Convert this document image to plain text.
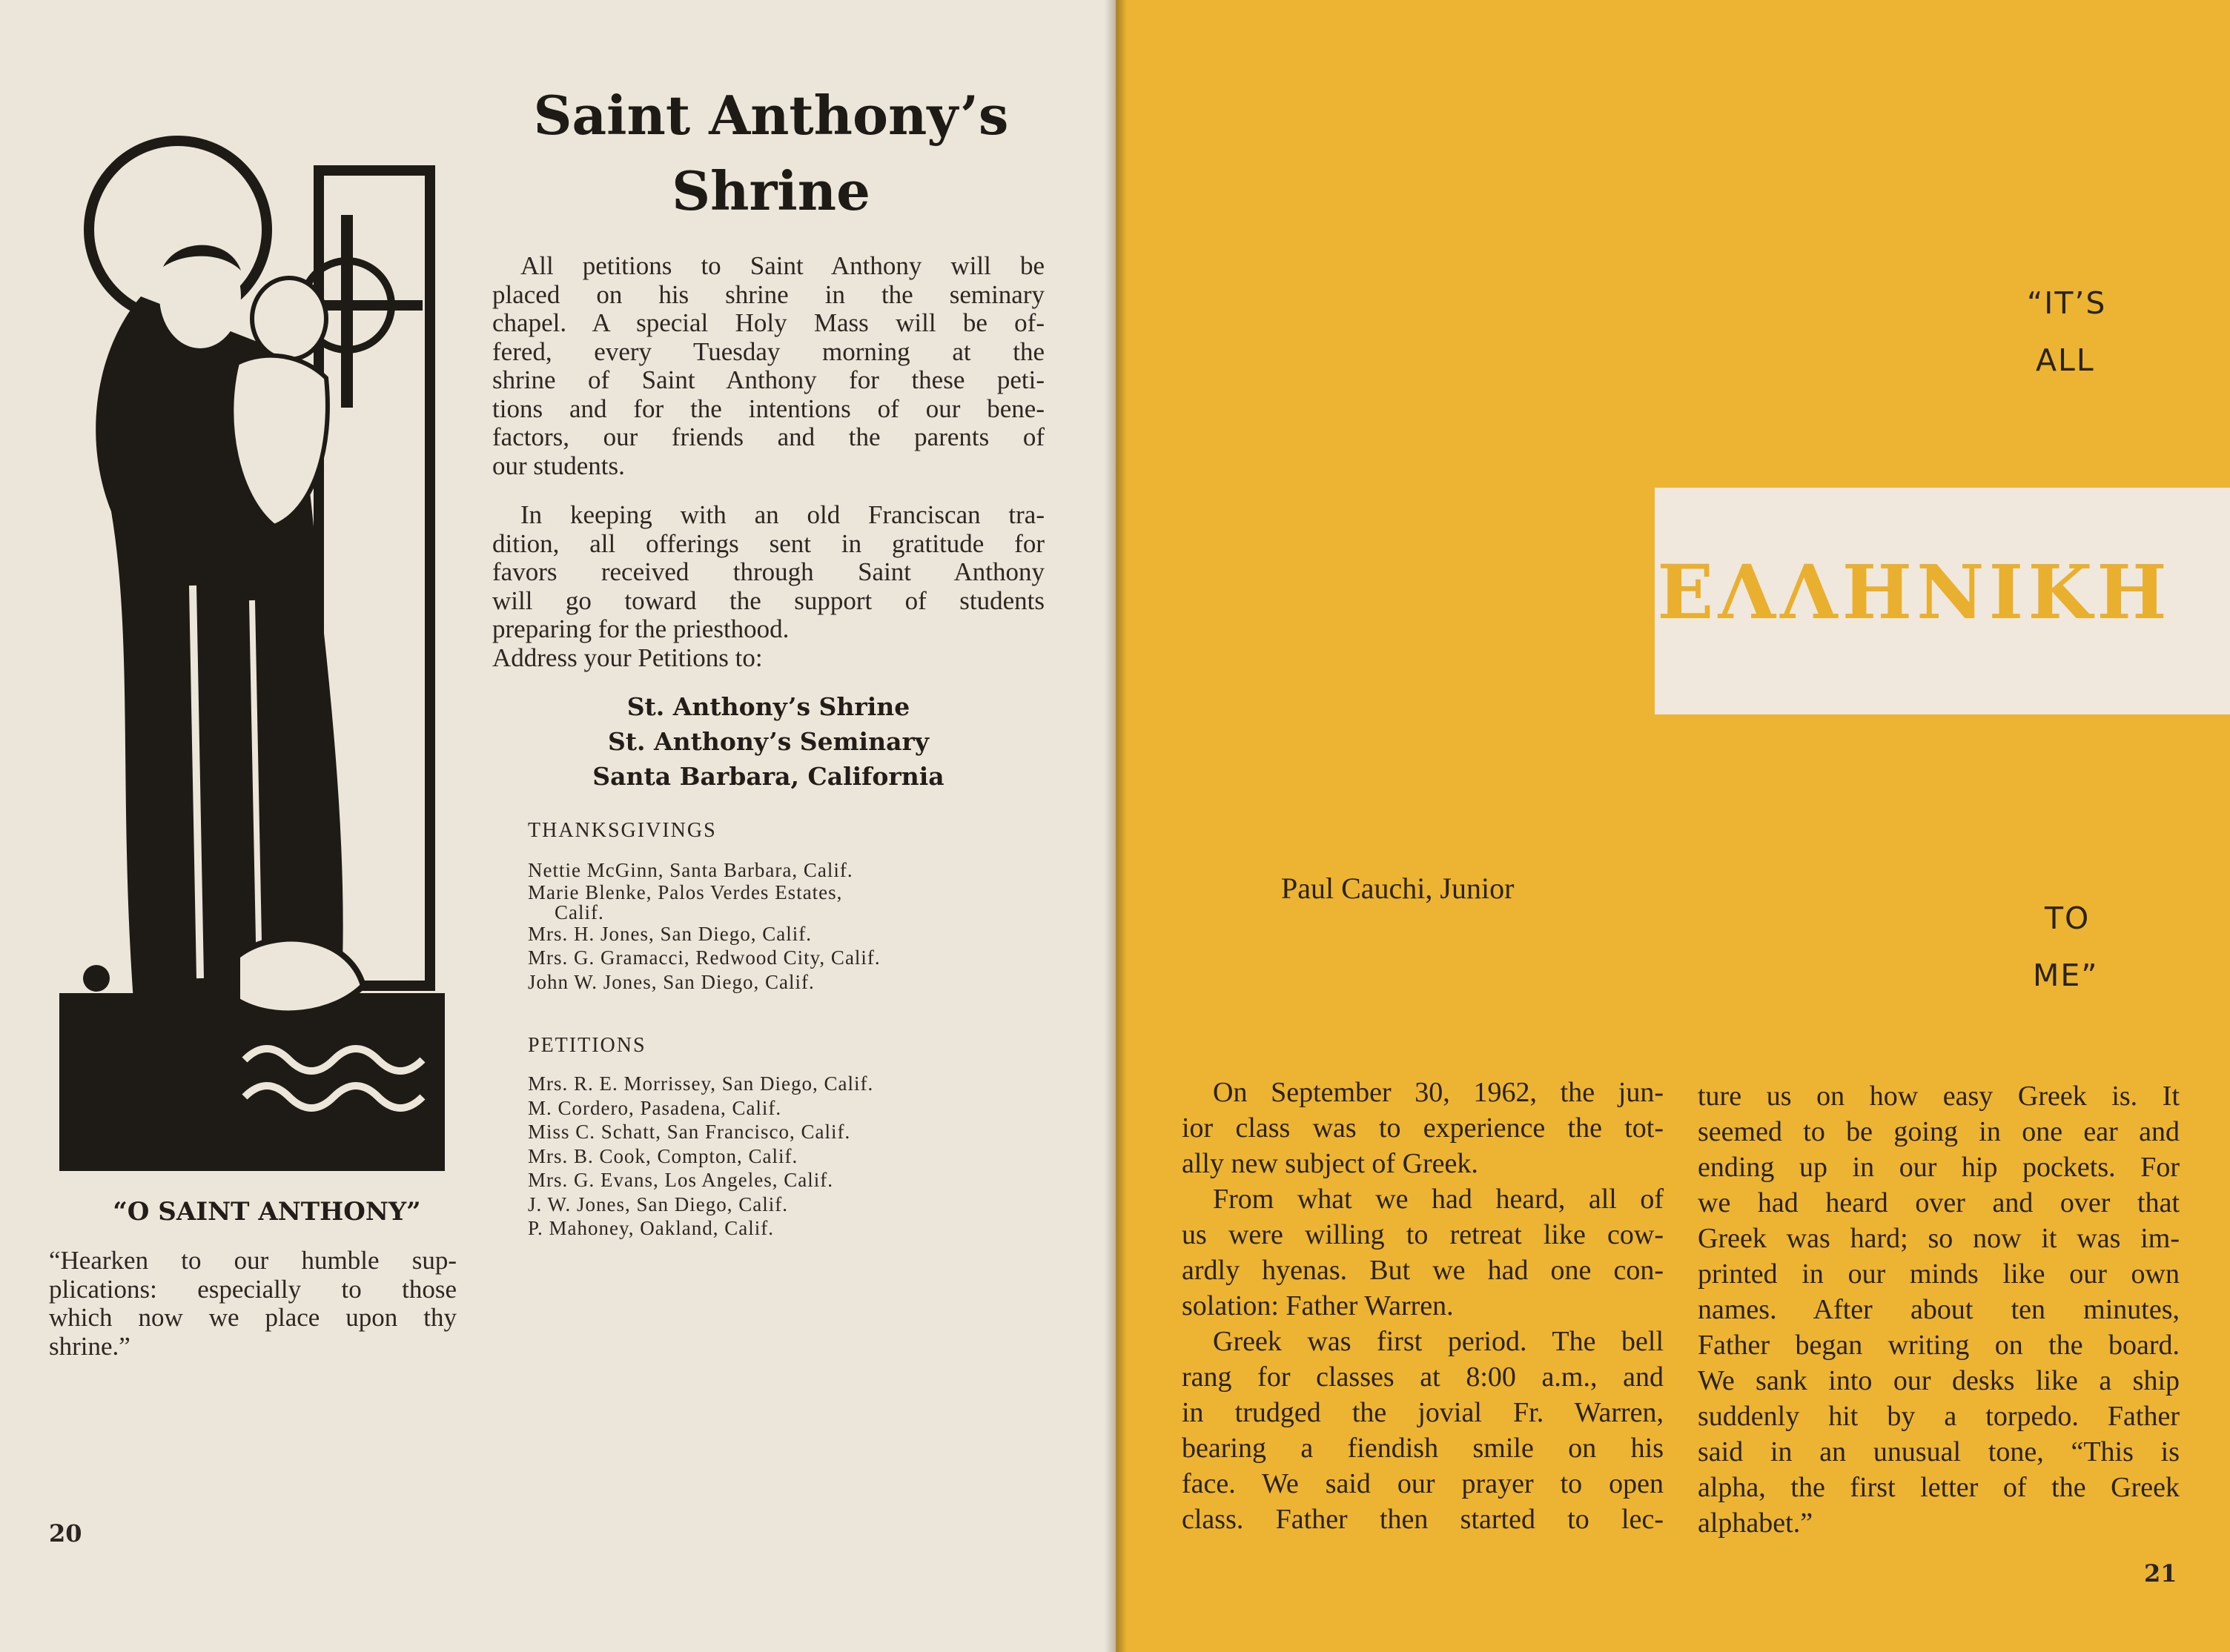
Saint Anthony’s
Shrine
All petitions to Saint Anthony will be
placed on his shrine in the seminary
chapel. A special Holy Mass will be of-
fered, every Tuesday morning at the
shrine of Saint Anthony for these peti-
tions and for the intentions of our bene-
factors, our friends and the parents of
our students.
In keeping with an old Franciscan tra-
dition, all offerings sent in gratitude for
favors received through Saint Anthony
will go toward the support of students
preparing for the priesthood.
Address your Petitions to:
St. Anthony’s Shrine
St. Anthony’s Seminary
Santa Barbara, California
THANKSGIVINGS
Nettie McGinn, Santa Barbara, Calif.
Marie Blenke, Palos Verdes Estates,
Calif.
Mrs. H. Jones, San Diego, Calif.
Mrs. G. Gramacci, Redwood City, Calif.
John W. Jones, San Diego, Calif.
PETITIONS
Mrs. R. E. Morrissey, San Diego, Calif.
M. Cordero, Pasadena, Calif.
Miss C. Schatt, San Francisco, Calif.
Mrs. B. Cook, Compton, Calif.
Mrs. G. Evans, Los Angeles, Calif.
J. W. Jones, San Diego, Calif.
P. Mahoney, Oakland, Calif.
“O SAINT ANTHONY”
“Hearken to our humble sup-
plications: especially to those
which now we place upon thy
shrine.”
20
“IT’S
ALL
ΕΛΛΗΝΙΚΗ
Paul Cauchi, Junior
TO
ME”
On September 30, 1962, the jun-
ior class was to experience the tot-
ally new subject of Greek.
From what we had heard, all of
us were willing to retreat like cow-
ardly hyenas. But we had one con-
solation: Father Warren.
Greek was first period. The bell
rang for classes at 8:00 a.m., and
in trudged the jovial Fr. Warren,
bearing a fiendish smile on his
face. We said our prayer to open
class. Father then started to lec-
ture us on how easy Greek is. It
seemed to be going in one ear and
ending up in our hip pockets. For
we had heard over and over that
Greek was hard; so now it was im-
printed in our minds like our own
names. After about ten minutes,
Father began writing on the board.
We sank into our desks like a ship
suddenly hit by a torpedo. Father
said in an unusual tone, “This is
alpha, the first letter of the Greek
alphabet.”
21
